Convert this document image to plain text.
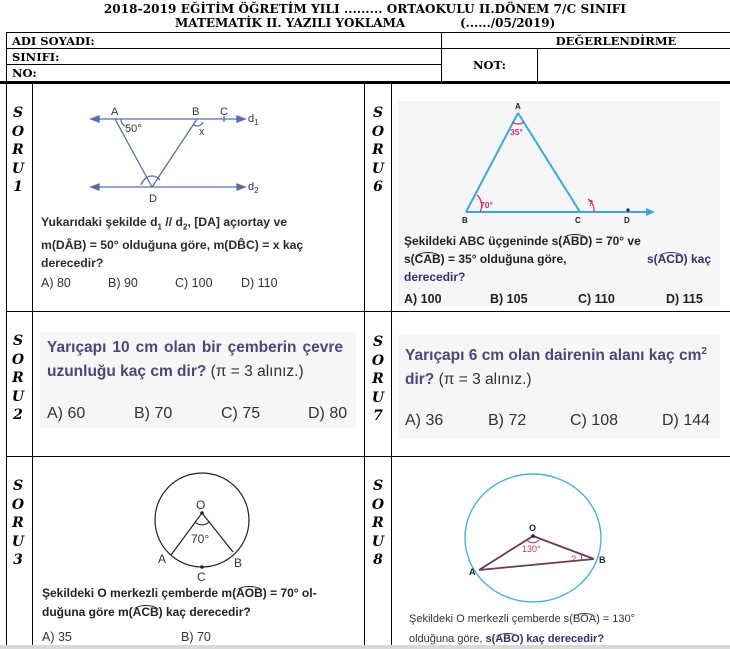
2018-2019 EĞİTİM ÖĞRETİM YILI ......... ORTAOKULU II.DÖNEM 7/C SINIFI
MATEMATİK II. YAZILI YOKLAMA	(....../05/2019)
ADI SOYADI:
SINIFI:
NO:
DEĞERLENDİRME
NOT:
S
O
R
U
1
A	B C
D
50°	x
$d_1$
$d_2$
Yukarıdaki şekilde $d_1 // d_2$, [DA] açıortay ve
m(DÂB) = 50° olduğuna göre, m(DB̂C) = x kaç
derecedir?
A) 80	B) 90	C) 100	D) 110
S
O
R
U
6
35°
70°	?
A
B	C	D
Şekildeki ABC üçgeninde s(ABD) = 70° ve
s(CAB) = 35° olduğuna göre,	s(ACD) kaç
derecedir?
A) 100	B) 105	C) 110	D) 115
S
O
R
U
2
Yarıçapı 10 cm olan bir çemberin çevre
uzunluğu kaç cm dir? (π = 3 alınız.)
A) 60	B) 70	C) 75	D) 80
S
O
R
U
7
Yarıçapı 6 cm olan dairenin alanı kaç $cm^2$
dir? (π = 3 alınız.)
A) 36	B) 72	C) 108	D) 144
S
O
R
U
3
O
A	B
C
70°
Şekildeki O merkezli çemberde m(AOB) = 70° ol-
duğuna göre m(ACB) kaç derecedir?
A) 35	B) 70
S
O
R
U
8
130°
?
O
A
B
Şekildeki O merkezli çemberde s(BOA) = 130°
olduğuna göre, s(ABO) kaç derecedir?
